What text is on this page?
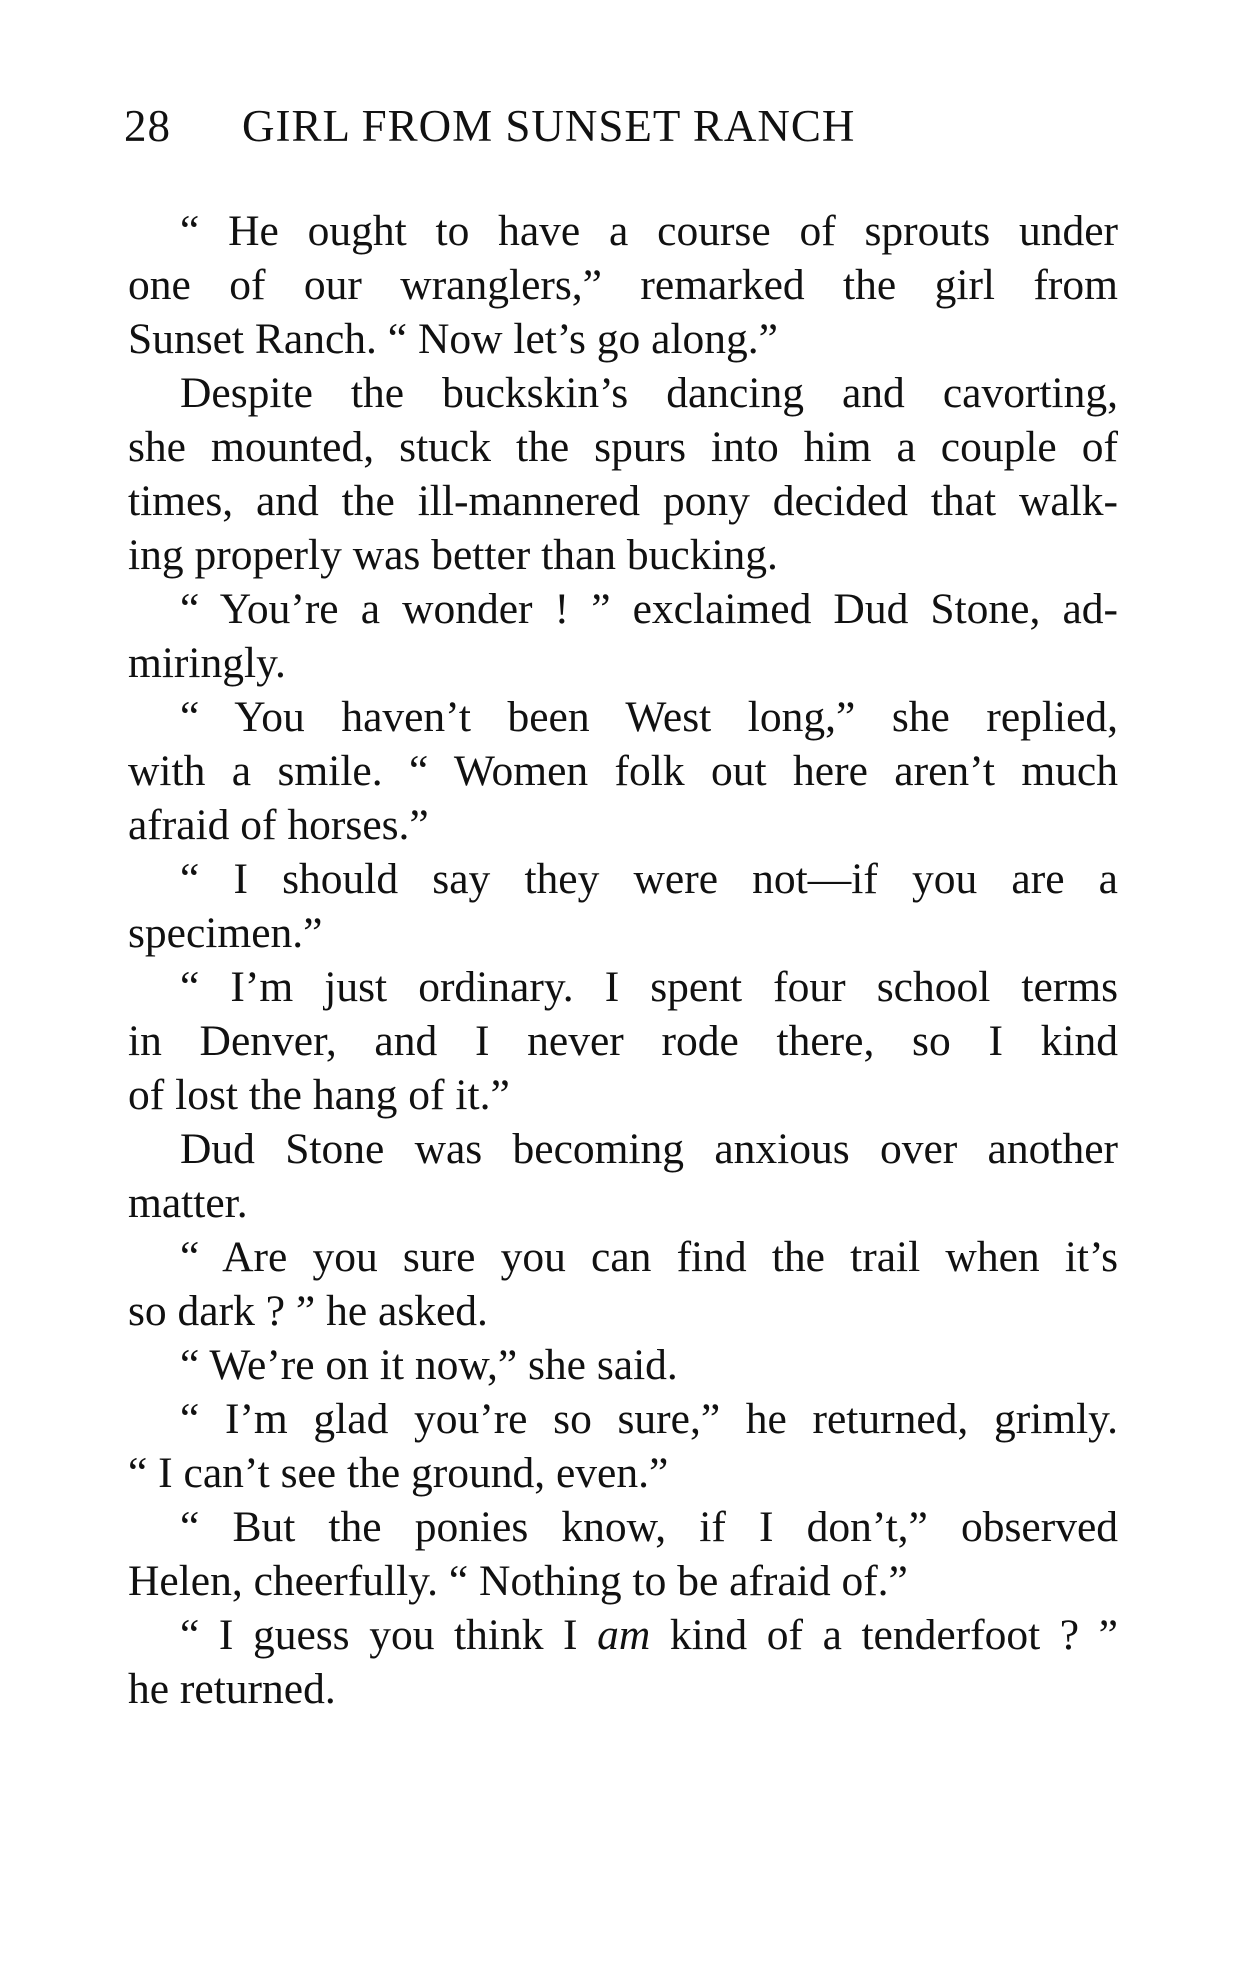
28 GIRL FROM SUNSET RANCH
“ He ought to have a course of sprouts under
one of our wranglers,” remarked the girl from
Sunset Ranch. “ Now let’s go along.”
Despite the buckskin’s dancing and cavorting,
she mounted, stuck the spurs into him a couple of
times, and the ill-mannered pony decided that walk-
ing properly was better than bucking.
“ You’re a wonder ! ” exclaimed Dud Stone, ad-
miringly.
“ You haven’t been West long,” she replied,
with a smile. “ Women folk out here aren’t much
afraid of horses.”
“ I should say they were not—if you are a
specimen.”
“ I’m just ordinary. I spent four school terms
in Denver, and I never rode there, so I kind
of lost the hang of it.”
Dud Stone was becoming anxious over another
matter.
“ Are you sure you can find the trail when it’s
so dark ? ” he asked.
“ We’re on it now,” she said.
“ I’m glad you’re so sure,” he returned, grimly.
“ I can’t see the ground, even.”
“ But the ponies know, if I don’t,” observed
Helen, cheerfully. “ Nothing to be afraid of.”
“ I guess you think I am kind of a tenderfoot ? ”
he returned.
